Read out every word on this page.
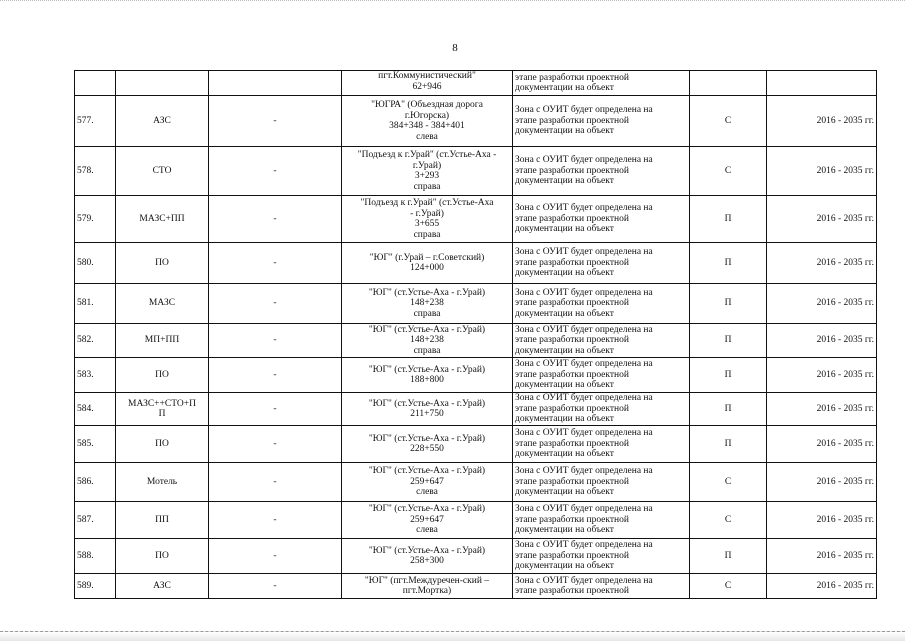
8

			пгт.Коммунистический"
62+946	этапе разработки проектной
документации на объект		

577.	АЗС	-	"ЮГРА" (Объездная дорога
г.Югорска)
384+348 - 384+401
слева	Зона с ОУИТ будет определена на
этапе разработки проектной
документации на объект	С	2016 - 2035 гг.
578.	СТО	-	"Подъезд к г.Урай" (ст.Устье-Аха -
г.Урай)
3+293
справа	Зона с ОУИТ будет определена на
этапе разработки проектной
документации на объект	С	2016 - 2035 гг.
579.	МАЗС+ПП	-	"Подъезд к г.Урай" (ст.Устье-Аха
- г.Урай)
3+655
справа	Зона с ОУИТ будет определена на
этапе разработки проектной
документации на объект	П	2016 - 2035 гг.
580.	ПО	-	"ЮГ" (г.Урай – г.Советский)
124+000	Зона с ОУИТ будет определена на
этапе разработки проектной
документации на объект	П	2016 - 2035 гг.
581.	МАЗС	-	"ЮГ" (ст.Устье-Аха - г.Урай)
148+238
справа	Зона с ОУИТ будет определена на
этапе разработки проектной
документации на объект	П	2016 - 2035 гг.
582.	МП+ПП	-	"ЮГ" (ст.Устье-Аха - г.Урай)
148+238
справа	Зона с ОУИТ будет определена на
этапе разработки проектной
документации на объект	П	2016 - 2035 гг.
583.	ПО	-	"ЮГ" (ст.Устье-Аха - г.Урай)
188+800	Зона с ОУИТ будет определена на
этапе разработки проектной
документации на объект	П	2016 - 2035 гг.
584.	МАЗС++СТО+П
П	-	"ЮГ" (ст.Устье-Аха - г.Урай)
211+750	Зона с ОУИТ будет определена на
этапе разработки проектной
документации на объект	П	2016 - 2035 гг.
585.	ПО	-	"ЮГ" (ст.Устье-Аха - г.Урай)
228+550	Зона с ОУИТ будет определена на
этапе разработки проектной
документации на объект	П	2016 - 2035 гг.
586.	Мотель	-	"ЮГ" (ст.Устье-Аха - г.Урай)
259+647
слева	Зона с ОУИТ будет определена на
этапе разработки проектной
документации на объект	С	2016 - 2035 гг.
587.	ПП	-	"ЮГ" (ст.Устье-Аха - г.Урай)
259+647
слева	Зона с ОУИТ будет определена на
этапе разработки проектной
документации на объект	С	2016 - 2035 гг.
588.	ПО	-	"ЮГ" (ст.Устье-Аха - г.Урай)
258+300	Зона с ОУИТ будет определена на
этапе разработки проектной
документации на объект	П	2016 - 2035 гг.
589.	АЗС	-	"ЮГ" (пгт.Междуречен-ский –
пгт.Мортка)	Зона с ОУИТ будет определена на
этапе разработки проектной	С	2016 - 2035 гг.
